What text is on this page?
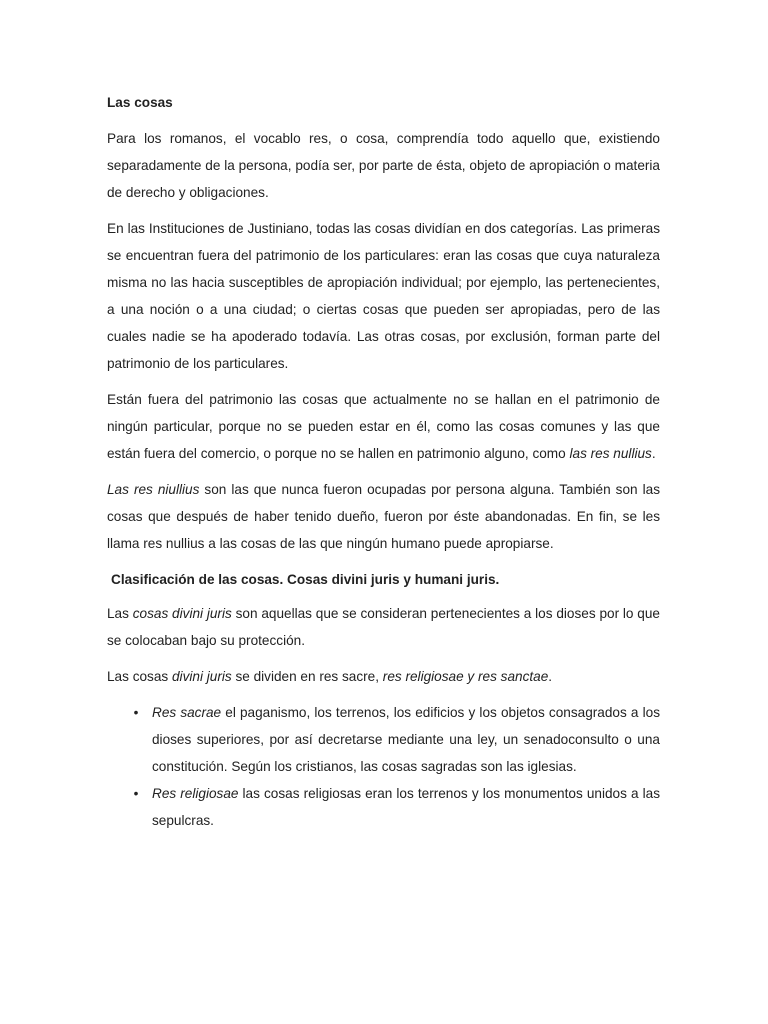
Las cosas

Para los romanos, el vocablo res, o cosa, comprendía todo aquello que, existiendo separadamente de la persona, podía ser, por parte de ésta, objeto de apropiación o materia de derecho y obligaciones.

En las Instituciones de Justiniano, todas las cosas dividían en dos categorías. Las primeras se encuentran fuera del patrimonio de los particulares: eran las cosas que cuya naturaleza misma no las hacia susceptibles de apropiación individual; por ejemplo, las pertenecientes, a una noción o a una ciudad; o ciertas cosas que pueden ser apropiadas, pero de las cuales nadie se ha apoderado todavía. Las otras cosas, por exclusión, forman parte del patrimonio de los particulares.

Están fuera del patrimonio las cosas que actualmente no se hallan en el patrimonio de ningún particular, porque no se pueden estar en él, como las cosas comunes y las que están fuera del comercio, o porque no se hallen en patrimonio alguno, como las res nullius.

Las res niullius son las que nunca fueron ocupadas por persona alguna. También son las cosas que después de haber tenido dueño, fueron por éste abandonadas. En fin, se les llama res nullius a las cosas de las que ningún humano puede apropiarse.

Clasificación de las cosas. Cosas divini juris y humani juris.

Las cosas divini juris son aquellas que se consideran pertenecientes a los dioses por lo que se colocaban bajo su protección.

Las cosas divini juris se dividen en res sacre, res religiosae y res sanctae.

• Res sacrae el paganismo, los terrenos, los edificios y los objetos consagrados a los dioses superiores, por así decretarse mediante una ley, un senadoconsulto o una constitución. Según los cristianos, las cosas sagradas son las iglesias.
• Res religiosae las cosas religiosas eran los terrenos y los monumentos unidos a las sepulcras.
